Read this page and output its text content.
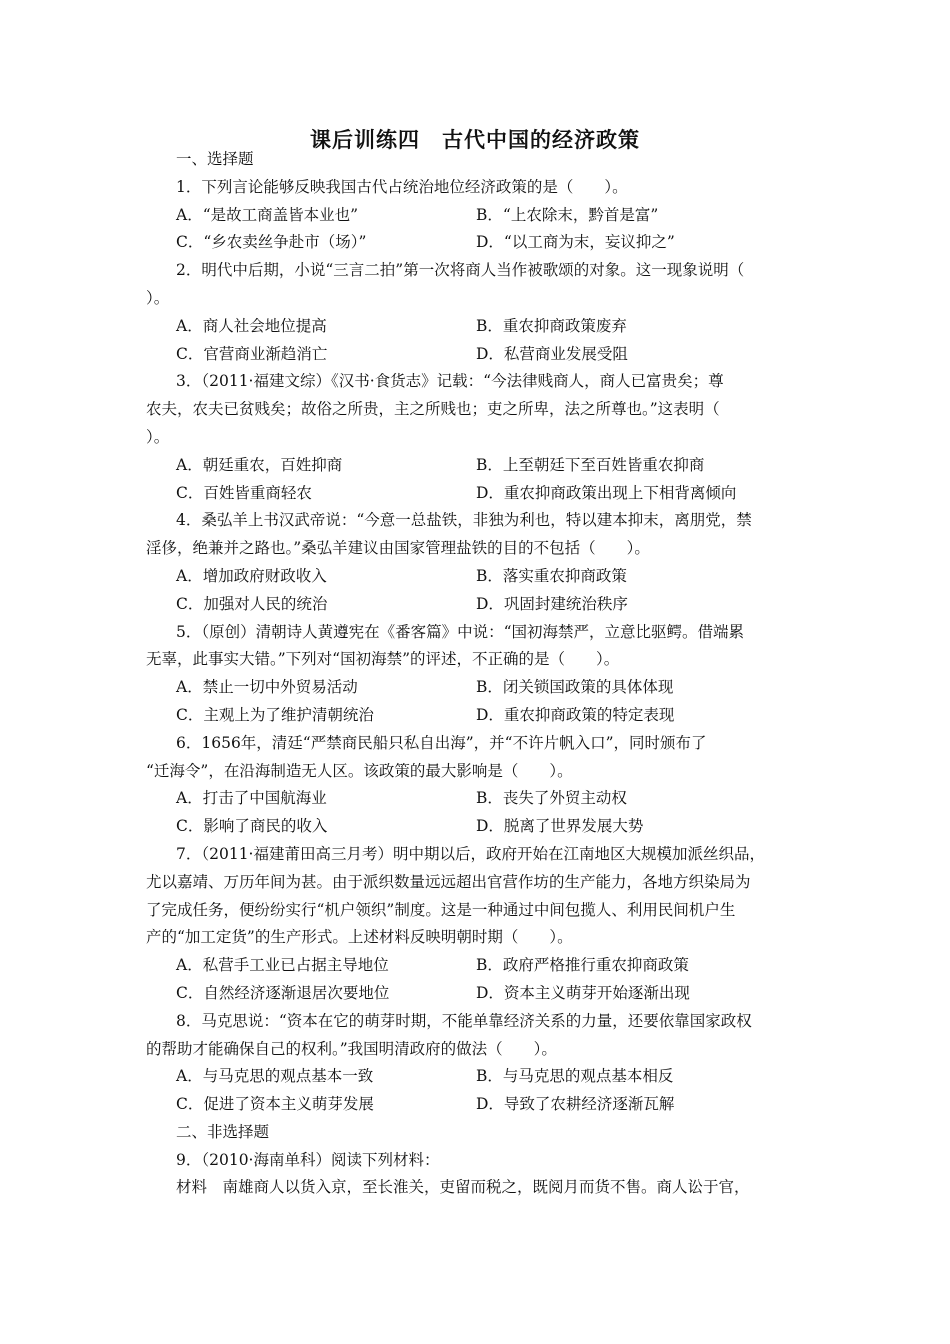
课后训练四 古代中国的经济政策
一、选择题
1．下列言论能够反映我国古代占统治地位经济政策的是（　　）。
A．“是故工商盖皆本业也”	B．“上农除末，黔首是富”
C．“乡农卖丝争赴市（场）”	D．“以工商为末，妄议抑之”
2．明代中后期，小说“三言二拍”第一次将商人当作被歌颂的对象。这一现象说明（
）。
A．商人社会地位提高	B．重农抑商政策废弃
C．官营商业渐趋消亡	D．私营商业发展受阻
3．（2011·福建文综）《汉书·食货志》记载：“今法律贱商人，商人已富贵矣；尊
农夫，农夫已贫贱矣；故俗之所贵，主之所贱也；吏之所卑，法之所尊也。”这表明（
）。
A．朝廷重农，百姓抑商	B．上至朝廷下至百姓皆重农抑商
C．百姓皆重商轻农	D．重农抑商政策出现上下相背离倾向
4．桑弘羊上书汉武帝说：“今意一总盐铁，非独为利也，特以建本抑末，离朋党，禁
淫侈，绝兼并之路也。”桑弘羊建议由国家管理盐铁的目的不包括（　　）。
A．增加政府财政收入	B．落实重农抑商政策
C．加强对人民的统治	D．巩固封建统治秩序
5．（原创）清朝诗人黄遵宪在《番客篇》中说：“国初海禁严，立意比驱鳄。借端累
无辜，此事实大错。”下列对“国初海禁”的评述，不正确的是（　　）。
A．禁止一切中外贸易活动	B．闭关锁国政策的具体体现
C．主观上为了维护清朝统治	D．重农抑商政策的特定表现
6．1656年，清廷“严禁商民船只私自出海”，并“不许片帆入口”，同时颁布了
“迁海令”，在沿海制造无人区。该政策的最大影响是（　　）。
A．打击了中国航海业	B．丧失了外贸主动权
C．影响了商民的收入	D．脱离了世界发展大势
7．（2011·福建莆田高三月考）明中期以后，政府开始在江南地区大规模加派丝织品，
尤以嘉靖、万历年间为甚。由于派织数量远远超出官营作坊的生产能力，各地方织染局为
了完成任务，便纷纷实行“机户领织”制度。这是一种通过中间包揽人、利用民间机户生
产的“加工定货”的生产形式。上述材料反映明朝时期（　　）。
A．私营手工业已占据主导地位	B．政府严格推行重农抑商政策
C．自然经济逐渐退居次要地位	D．资本主义萌芽开始逐渐出现
8．马克思说：“资本在它的萌芽时期，不能单靠经济关系的力量，还要依靠国家政权
的帮助才能确保自己的权利。”我国明清政府的做法（　　）。
A．与马克思的观点基本一致	B．与马克思的观点基本相反
C．促进了资本主义萌芽发展	D．导致了农耕经济逐渐瓦解
二、非选择题
9．（2010·海南单科）阅读下列材料：
材料　南雄商人以货入京，至长淮关，吏留而税之，既阅月而货不售。商人讼于官，
